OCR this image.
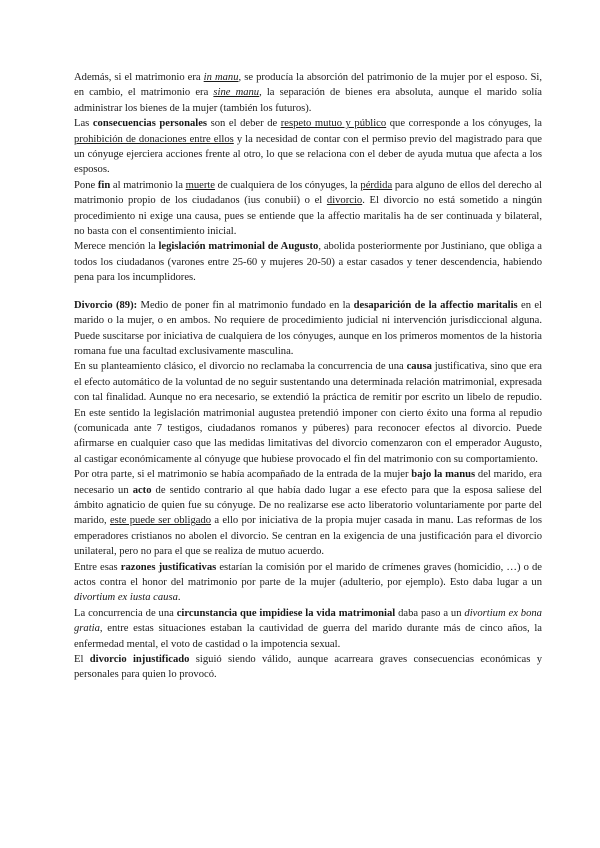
Además, si el matrimonio era in manu, se producía la absorción del patrimonio de la mujer por el esposo. Si, en cambio, el matrimonio era sine manu, la separación de bienes era absoluta, aunque el marido solía administrar los bienes de la mujer (también los futuros).

Las consecuencias personales son el deber de respeto mutuo y público que corresponde a los cónyuges, la prohibición de donaciones entre ellos y la necesidad de contar con el permiso previo del magistrado para que un cónyuge ejerciera acciones frente al otro, lo que se relaciona con el deber de ayuda mutua que afecta a los esposos.

Pone fin al matrimonio la muerte de cualquiera de los cónyuges, la pérdida para alguno de ellos del derecho al matrimonio propio de los ciudadanos (ius conubii) o el divorcio. El divorcio no está sometido a ningún procedimiento ni exige una causa, pues se entiende que la affectio maritalis ha de ser continuada y bilateral, no basta con el consentimiento inicial.

Merece mención la legislación matrimonial de Augusto, abolida posteriormente por Justiniano, que obliga a todos los ciudadanos (varones entre 25-60 y mujeres 20-50) a estar casados y tener descendencia, habiendo pena para los incumplidores.

Divorcio (89): Medio de poner fin al matrimonio fundado en la desaparición de la affectio maritalis en el marido o la mujer, o en ambos. No requiere de procedimiento judicial ni intervención jurisdiccional alguna. Puede suscitarse por iniciativa de cualquiera de los cónyuges, aunque en los primeros momentos de la historia romana fue una facultad exclusivamente masculina.

En su planteamiento clásico, el divorcio no reclamaba la concurrencia de una causa justificativa, sino que era el efecto automático de la voluntad de no seguir sustentando una determinada relación matrimonial, expresada con tal finalidad. Aunque no era necesario, se extendió la práctica de remitir por escrito un libelo de repudio. En este sentido la legislación matrimonial augustea pretendió imponer con cierto éxito una forma al repudio (comunicada ante 7 testigos, ciudadanos romanos y púberes) para reconocer efectos al divorcio. Puede afirmarse en cualquier caso que las medidas limitativas del divorcio comenzaron con el emperador Augusto, al castigar económicamente al cónyuge que hubiese provocado el fin del matrimonio con su comportamiento.

Por otra parte, si el matrimonio se había acompañado de la entrada de la mujer bajo la manus del marido, era necesario un acto de sentido contrario al que había dado lugar a ese efecto para que la esposa saliese del ámbito agnaticio de quien fue su cónyuge. De no realizarse ese acto liberatorio voluntariamente por parte del marido, este puede ser obligado a ello por iniciativa de la propia mujer casada in manu. Las reformas de los emperadores cristianos no abolen el divorcio. Se centran en la exigencia de una justificación para el divorcio unilateral, pero no para el que se realiza de mutuo acuerdo.

Entre esas razones justificativas estarían la comisión por el marido de crímenes graves (homicidio, …) o de actos contra el honor del matrimonio por parte de la mujer (adulterio, por ejemplo). Esto daba lugar a un divortium ex iusta causa.

La concurrencia de una circunstancia que impidiese la vida matrimonial daba paso a un divortium ex bona gratia, entre estas situaciones estaban la cautividad de guerra del marido durante más de cinco años, la enfermedad mental, el voto de castidad o la impotencia sexual.

El divorcio injustificado siguió siendo válido, aunque acarreara graves consecuencias económicas y personales para quien lo provocó.
